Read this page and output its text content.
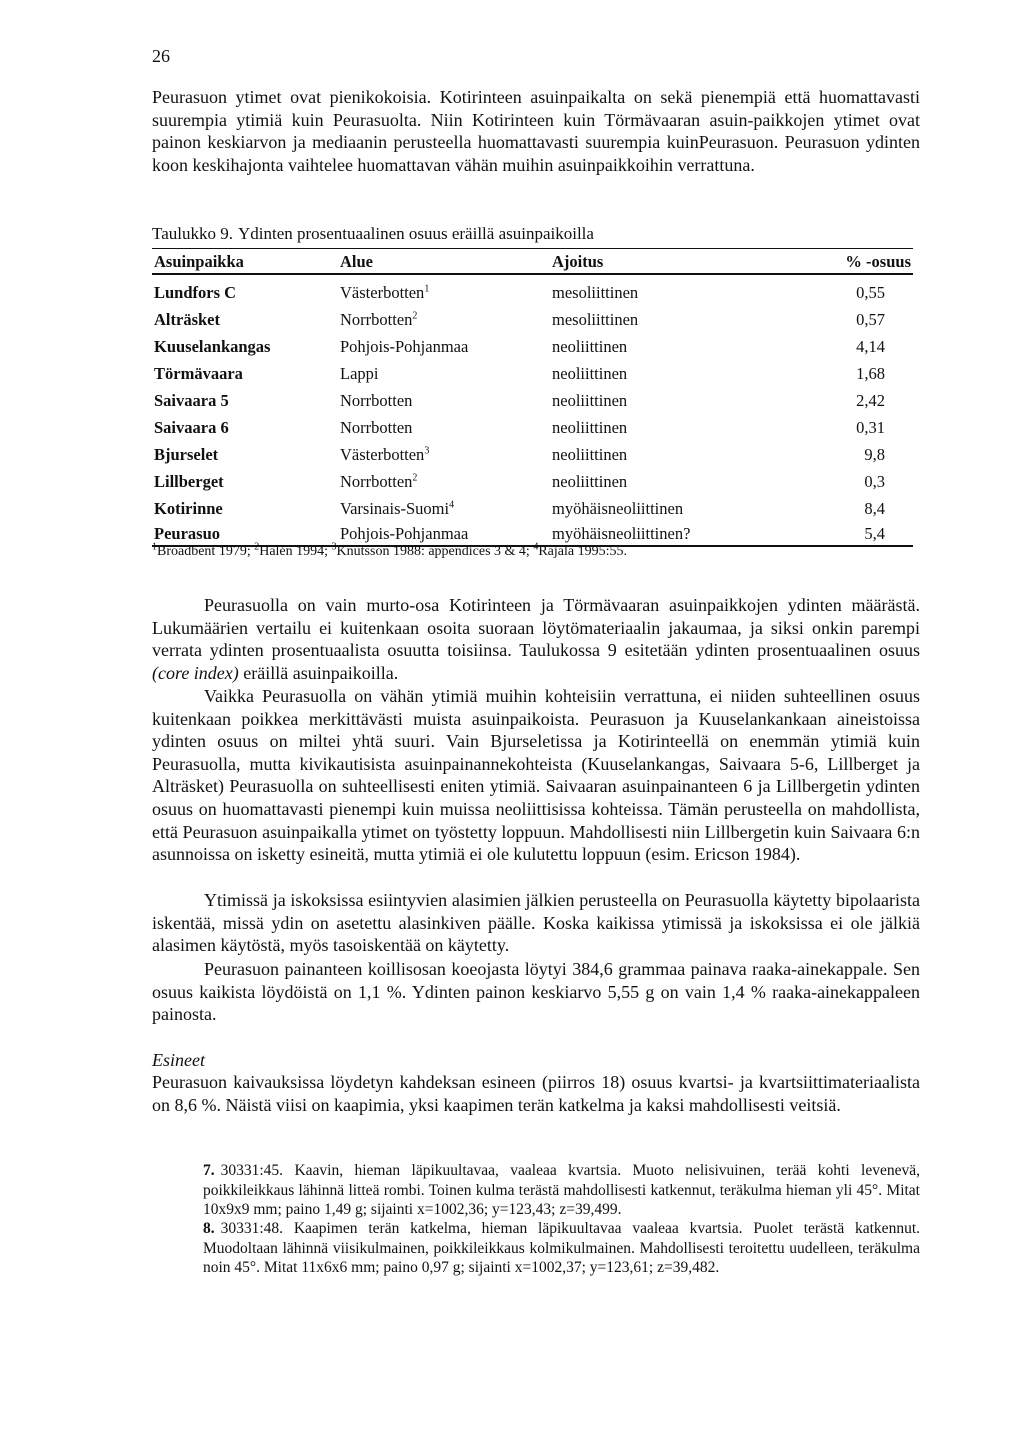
26

Peurasuon ytimet ovat pienikokoisia. Kotirinteen asuinpaikalta on sekä pienempiä että huomattavasti suurempia ytimiä kuin Peurasuolta. Niin Kotirinteen kuin Törmävaaran asuin-paikkojen ytimet ovat painon keskiarvon ja mediaanin perusteella huomattavasti suurempia kuinPeurasuon. Peurasuon ydinten koon keskihajonta vaihtelee huomattavan vähän muihin asuinpaikkoihin verrattuna.

Taulukko 9. Ydinten prosentuaalinen osuus eräillä asuinpaikoilla
Asuinpaikka	Alue	Ajoitus	% -osuus
Lundfors C	Västerbotten$^1$	mesoliittinen	0,55
Alträsket	Norrbotten$^2$	mesoliittinen	0,57
Kuuselankangas	Pohjois-Pohjanmaa	neoliittinen	4,14
Törmävaara	Lappi	neoliittinen	1,68
Saivaara 5	Norrbotten	neoliittinen	2,42
Saivaara 6	Norrbotten	neoliittinen	0,31
Bjurselet	Västerbotten$^3$	neoliittinen	9,8
Lillberget	Norrbotten$^2$	neoliittinen	0,3
Kotirinne	Varsinais-Suomi$^4$	myöhäisneoliittinen	8,4
Peurasuo	Pohjois-Pohjanmaa	myöhäisneoliittinen?	5,4
$^1$Broadbent 1979; $^2$Halén 1994; $^3$Knutsson 1988: appendices 3 & 4; $^4$Rajala 1995:55.

Peurasuolla on vain murto-osa Kotirinteen ja Törmävaaran asuinpaikkojen ydinten määrästä. Lukumäärien vertailu ei kuitenkaan osoita suoraan löytömateriaalin jakaumaa, ja siksi onkin parempi verrata ydinten prosentuaalista osuutta toisiinsa. Taulukossa 9 esitetään ydinten prosentuaalinen osuus (core index) eräillä asuinpaikoilla.

Vaikka Peurasuolla on vähän ytimiä muihin kohteisiin verrattuna, ei niiden suhteellinen osuus kuitenkaan poikkea merkittävästi muista asuinpaikoista. Peurasuon ja Kuuselankankaan aineistoissa ydinten osuus on miltei yhtä suuri. Vain Bjurseletissa ja Kotirinteellä on enemmän ytimiä kuin Peurasuolla, mutta kivikautisista asuinpainannekohteista (Kuuselankangas, Saivaara 5-6, Lillberget ja Alträsket) Peurasuolla on suhteellisesti eniten ytimiä. Saivaaran asuinpainanteen 6 ja Lillbergetin ydinten osuus on huomattavasti pienempi kuin muissa neoliittisissa kohteissa. Tämän perusteella on mahdollista, että Peurasuon asuinpaikalla ytimet on työstetty loppuun. Mahdollisesti niin Lillbergetin kuin Saivaara 6:n asunnoissa on isketty esineitä, mutta ytimiä ei ole kulutettu loppuun (esim. Ericson 1984).

Ytimissä ja iskoksissa esiintyvien alasimien jälkien perusteella on Peurasuolla käytetty bipolaarista iskentää, missä ydin on asetettu alasinkiven päälle. Koska kaikissa ytimissä ja iskoksissa ei ole jälkiä alasimen käytöstä, myös tasoiskentää on käytetty.

Peurasuon painanteen koillisosan koeojasta löytyi 384,6 grammaa painava raaka-ainekappale. Sen osuus kaikista löydöistä on 1,1 %. Ydinten painon keskiarvo 5,55 g on vain 1,4 % raaka-ainekappaleen painosta.

Esineet

Peurasuon kaivauksissa löydetyn kahdeksan esineen (piirros 18) osuus kvartsi- ja kvartsiittimateriaalista on 8,6 %. Näistä viisi on kaapimia, yksi kaapimen terän katkelma ja kaksi mahdollisesti veitsiä.

7. 30331:45. Kaavin, hieman läpikuultavaa, vaaleaa kvartsia. Muoto nelisivuinen, terää kohti levenevä, poikkileikkaus lähinnä litteä rombi. Toinen kulma terästä mahdollisesti katkennut, teräkulma hieman yli 45°. Mitat 10x9x9 mm; paino 1,49 g; sijainti x=1002,36; y=123,43; z=39,499.

8. 30331:48. Kaapimen terän katkelma, hieman läpikuultavaa vaaleaa kvartsia. Puolet terästä katkennut. Muodoltaan lähinnä viisikulmainen, poikkileikkaus kolmikulmainen. Mahdollisesti teroitettu uudelleen, teräkulma noin 45°. Mitat 11x6x6 mm; paino 0,97 g; sijainti x=1002,37; y=123,61; z=39,482.
